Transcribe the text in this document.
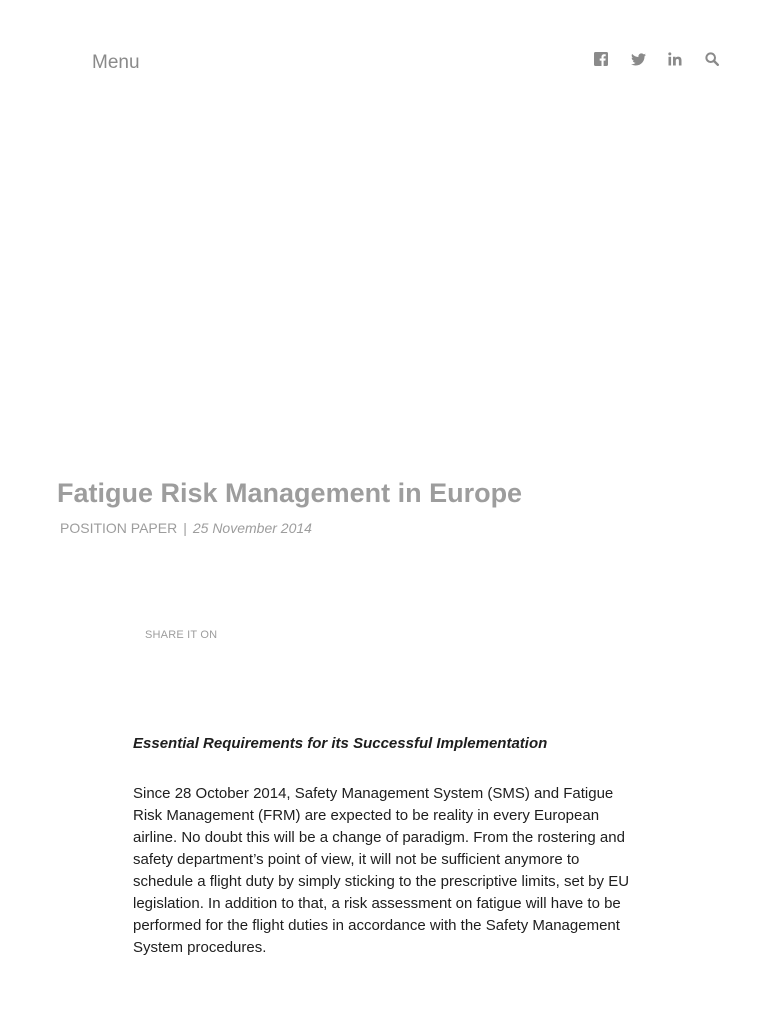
Menu
Fatigue Risk Management in Europe
POSITION PAPER | 25 November 2014
SHARE IT ON
Essential Requirements for its Successful Implementation

Since 28 October 2014, Safety Management System (SMS) and Fatigue Risk Management (FRM) are expected to be reality in every European airline. No doubt this will be a change of paradigm. From the rostering and safety department’s point of view, it will not be sufficient anymore to schedule a flight duty by simply sticking to the prescriptive limits, set by EU legislation. In addition to that, a risk assessment on fatigue will have to be performed for the flight duties in accordance with the Safety Management System procedures.
